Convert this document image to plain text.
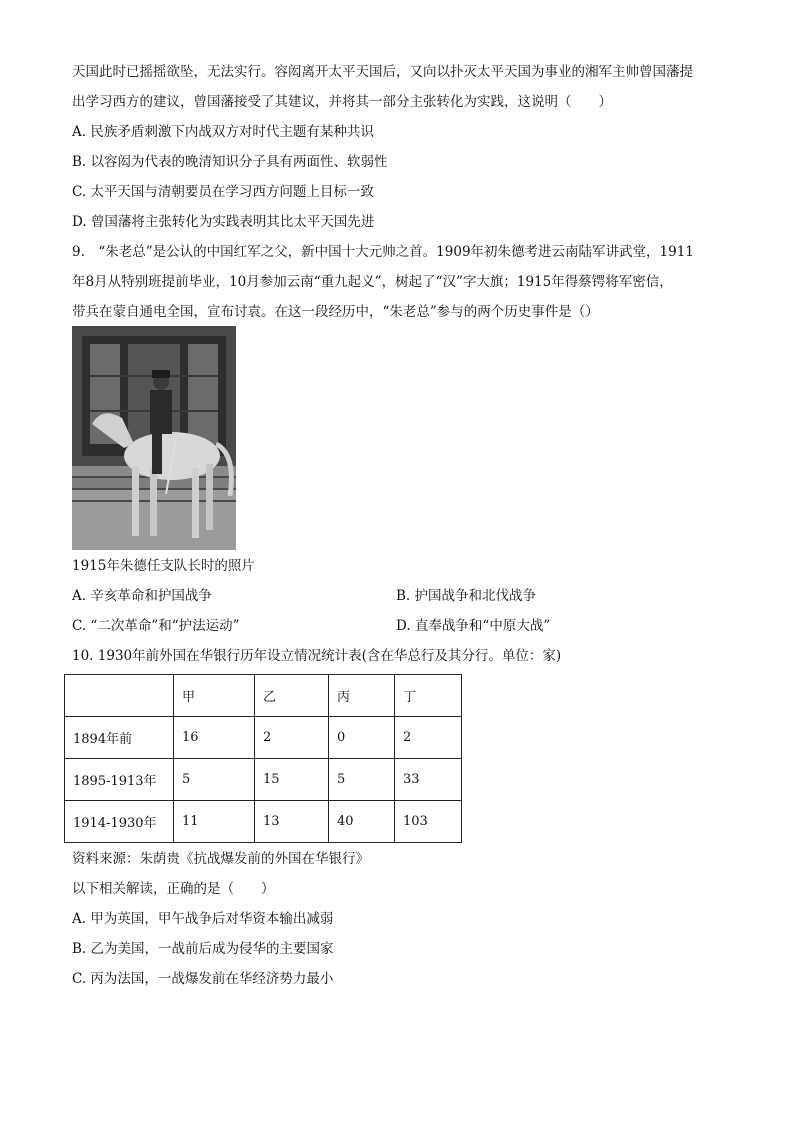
天国此时已摇摇欲坠，无法实行。容闳离开太平天国后，又向以扑灭太平天国为事业的湘军主帅曾国藩提
出学习西方的建议，曾国藩接受了其建议，并将其一部分主张转化为实践，这说明（　　）
A. 民族矛盾刺激下内战双方对时代主题有某种共识
B. 以容闳为代表的晚清知识分子具有两面性、软弱性
C. 太平天国与清朝要员在学习西方问题上目标一致
D. 曾国藩将主张转化为实践表明其比太平天国先进
9.　“朱老总”是公认的中国红军之父，新中国十大元帅之首。1909年初朱德考进云南陆军讲武堂，1911
年8月从特别班提前毕业，10月参加云南“重九起义”，树起了“汉”字大旗；1915年得蔡锷将军密信，
带兵在蒙自通电全国，宣布讨袁。在这一段经历中，“朱老总”参与的两个历史事件是（）
1915年朱德任支队长时的照片
A. 辛亥革命和护国战争	B. 护国战争和北伐战争
C. “二次革命”和“护法运动”	D. 直奉战争和“中原大战”
10. 1930年前外国在华银行历年设立情况统计表(含在华总行及其分行。单位：家)
	甲	乙	丙	丁
1894年前	16	2	0	2
1895-1913年	5	15	5	33
1914-1930年	11	13	40	103
资料来源：朱荫贵《抗战爆发前的外国在华银行》
以下相关解读，正确的是（　　）
A. 甲为英国，甲午战争后对华资本输出减弱
B. 乙为美国，一战前后成为侵华的主要国家
C. 丙为法国，一战爆发前在华经济势力最小
